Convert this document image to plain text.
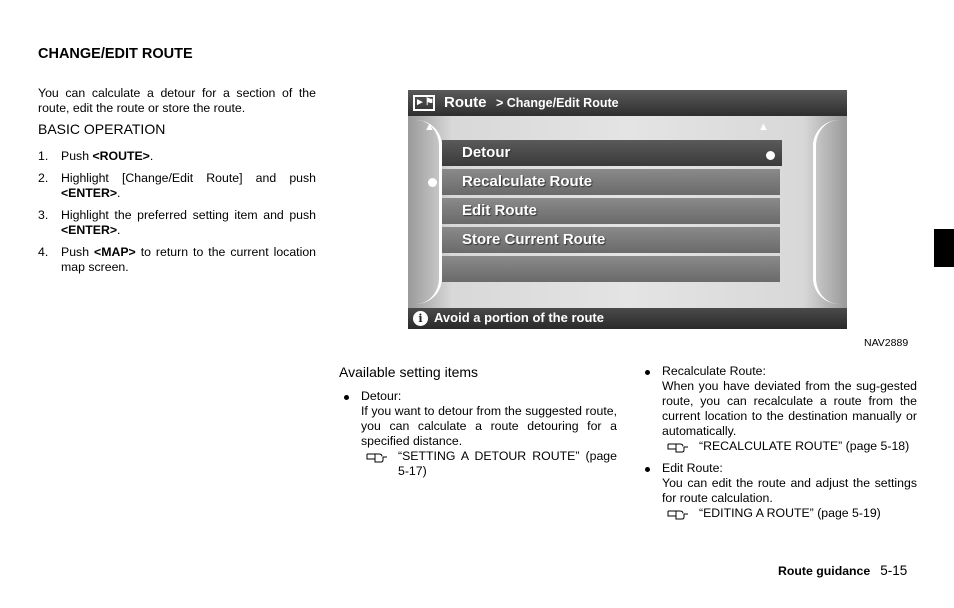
CHANGE/EDIT ROUTE
You can calculate a detour for a section of the route, edit the route or store the route.
BASIC OPERATION
1. Push <ROUTE>.
2. Highlight [Change/Edit Route] and push <ENTER>.
3. Highlight the preferred setting item and push <ENTER>.
4. Push <MAP> to return to the current location map screen.
►⚑ Route > Change/Edit Route
▲	▲
Detour
Recalculate Route
Edit Route
Store Current Route
i Avoid a portion of the route
NAV2889
Available setting items
Detour:
If you want to detour from the suggested route, you can calculate a route detouring for a specified distance.
“SETTING A DETOUR ROUTE” (page 5-17)
Recalculate Route:
When you have deviated from the sug-gested route, you can recalculate a route from the current location to the destination manually or automatically.
“RECALCULATE ROUTE” (page 5-18)
Edit Route:
You can edit the route and adjust the settings for route calculation.
“EDITING A ROUTE” (page 5-19)
Route guidance 5-15
